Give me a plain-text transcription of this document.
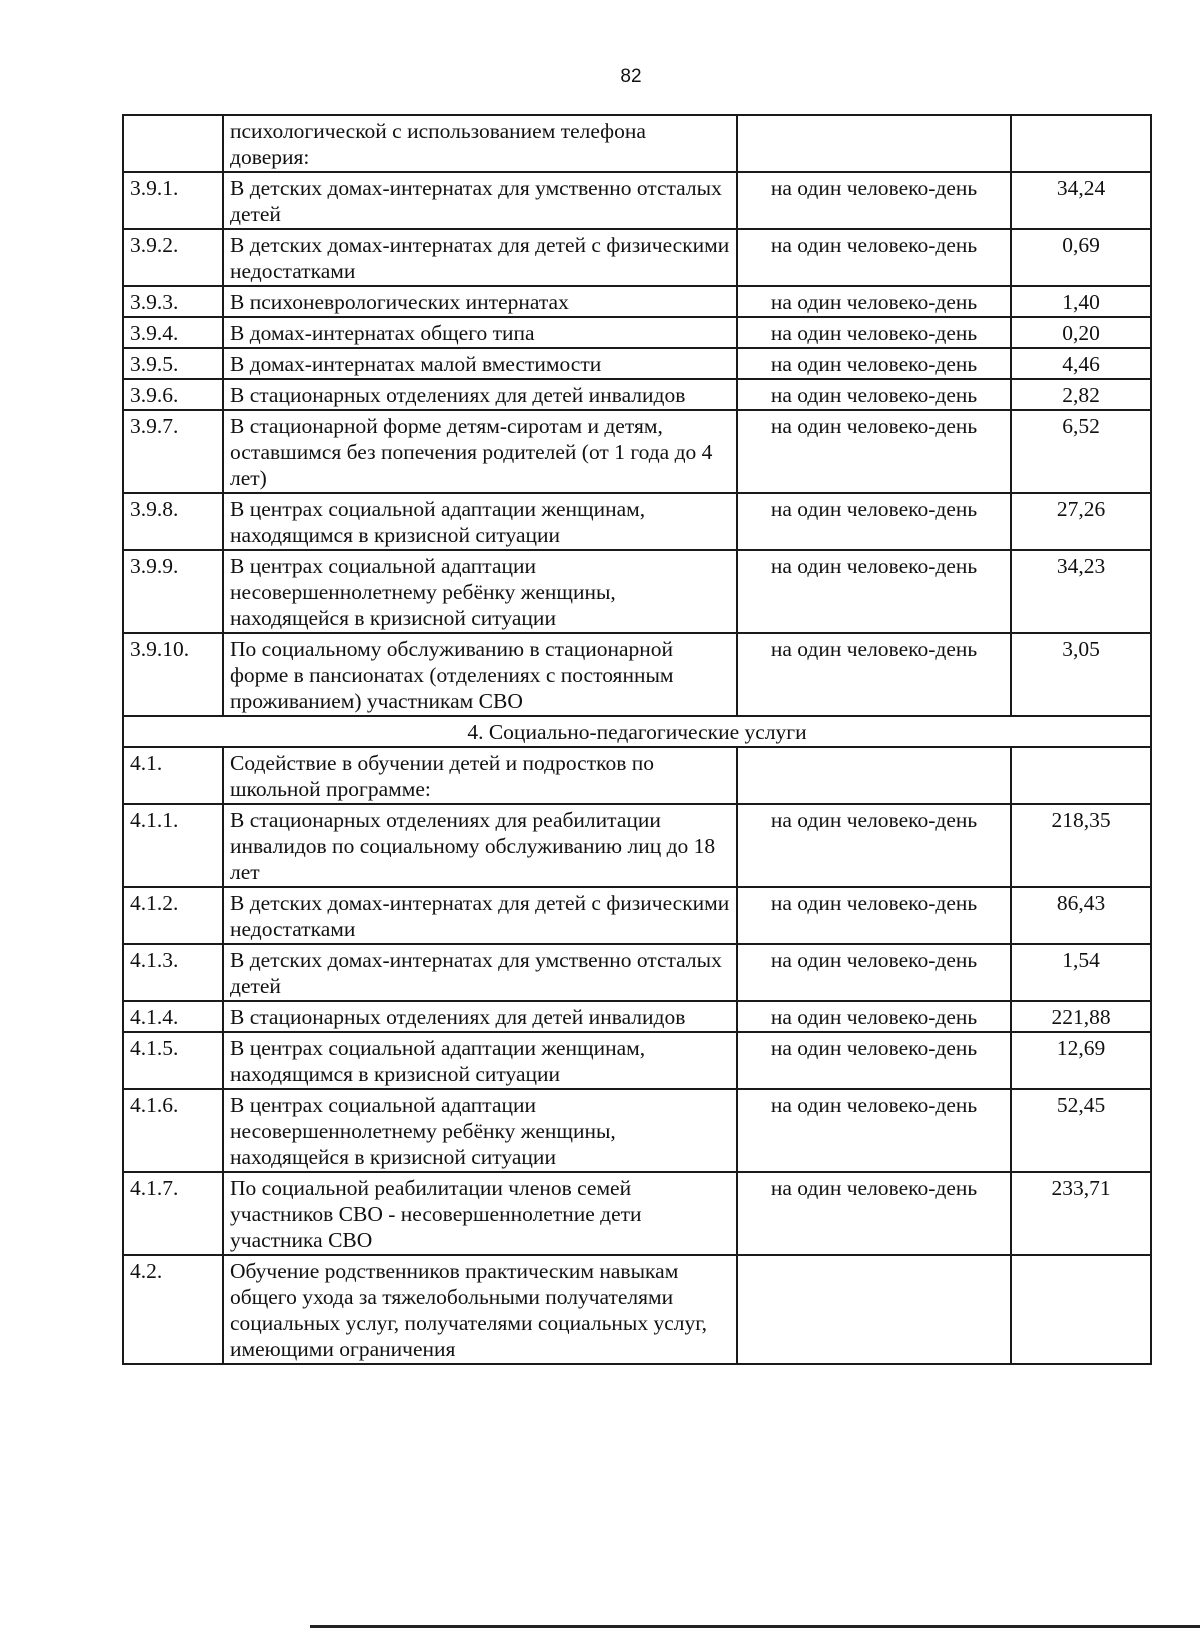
82
	психологической с использованием телефона доверия:		
3.9.1.	В детских домах-интернатах для умственно отсталых детей	на один человеко-день	34,24
3.9.2.	В детских домах-интернатах для детей с физическими недостатками	на один человеко-день	0,69
3.9.3.	В психоневрологических интернатах	на один человеко-день	1,40
3.9.4.	В домах-интернатах общего типа	на один человеко-день	0,20
3.9.5.	В домах-интернатах малой вместимости	на один человеко-день	4,46
3.9.6.	В стационарных отделениях для детей инвалидов	на один человеко-день	2,82
3.9.7.	В стационарной форме детям-сиротам и детям, оставшимся без попечения родителей (от 1 года до 4 лет)	на один человеко-день	6,52
3.9.8.	В центрах социальной адаптации женщинам, находящимся в кризисной ситуации	на один человеко-день	27,26
3.9.9.	В центрах социальной адаптации несовершеннолетнему ребёнку женщины, находящейся в кризисной ситуации	на один человеко-день	34,23
3.9.10.	По социальному обслуживанию в стационарной форме в пансионатах (отделениях с постоянным проживанием) участникам СВО	на один человеко-день	3,05
4. Социально-педагогические услуги			
4.1.	Содействие в обучении детей и подростков по школьной программе:		
4.1.1.	В стационарных отделениях для реабилитации инвалидов по социальному обслуживанию лиц до 18 лет	на один человеко-день	218,35
4.1.2.	В детских домах-интернатах для детей с физическими недостатками	на один человеко-день	86,43
4.1.3.	В детских домах-интернатах для умственно отсталых детей	на один человеко-день	1,54
4.1.4.	В стационарных отделениях для детей инвалидов	на один человеко-день	221,88
4.1.5.	В центрах социальной адаптации женщинам, находящимся в кризисной ситуации	на один человеко-день	12,69
4.1.6.	В центрах социальной адаптации несовершеннолетнему ребёнку женщины, находящейся в кризисной ситуации	на один человеко-день	52,45
4.1.7.	По социальной реабилитации членов семей участников СВО - несовершеннолетние дети участника СВО	на один человеко-день	233,71
4.2.	Обучение родственников практическим навыкам общего ухода за тяжелобольными получателями социальных услуг, получателями социальных услуг, имеющими ограничения		
